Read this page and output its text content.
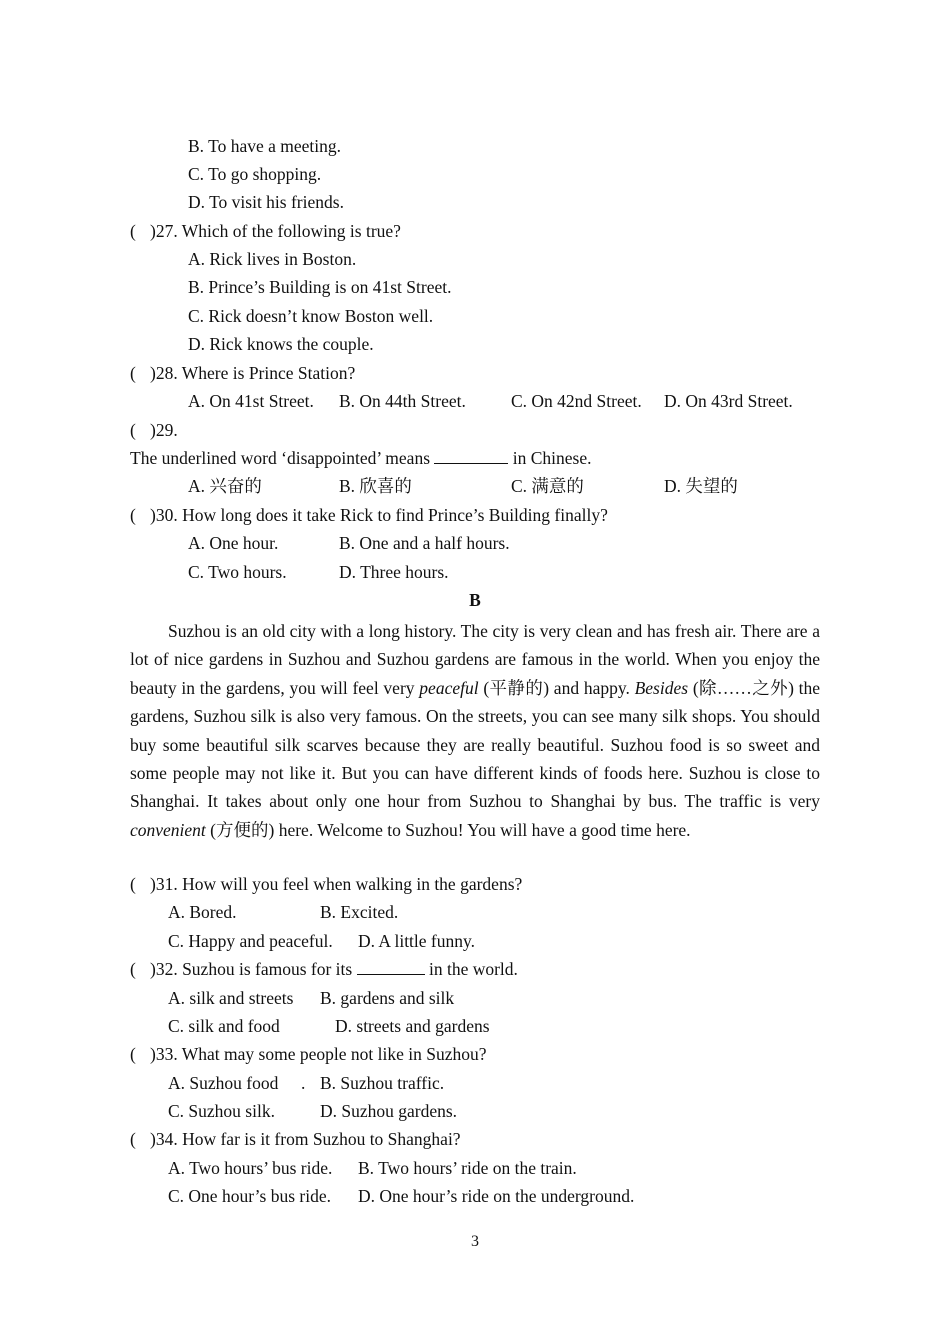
B. To have a meeting.
C. To go shopping.
D. To visit his friends.
( )27. Which of the following is true?
A. Rick lives in Boston.
B. Prince’s Building is on 41st Street.
C. Rick doesn’t know Boston well.
D. Rick knows the couple.
( )28. Where is Prince Station?
A. On 41st Street. B. On 44th Street.	C. On 42nd Street. D. On 43rd Street.
( )29.
The underlined word ‘disappointed’ means	in Chinese.
A. 兴奋的	B. 欣喜的	C. 满意的	D. 失望的
( )30. How long does it take Rick to find Prince’s Building finally?
A. One hour.	B. One and a half hours.
C. Two hours.	D. Three hours.
B
Suzhou is an old city with a long history. The city is very clean and has fresh air. There are a lot of nice gardens in Suzhou and Suzhou gardens are famous in the world. When you enjoy the beauty in the gardens, you will feel very peaceful (平静的) and happy. Besides (除……之外) the gardens, Suzhou silk is also very famous. On the streets, you can see many silk shops. You should buy some beautiful silk scarves because they are really beautiful. Suzhou food is so sweet and some people may not like it. But you can have different kinds of foods here. Suzhou is close to Shanghai. It takes about only one hour from Suzhou to Shanghai by bus. The traffic is very convenient (方便的) here. Welcome to Suzhou! You will have a good time here.
( )31. How will you feel when walking in the gardens?
A. Bored.	B. Excited.
C. Happy and peaceful. D. A little funny.
( )32. Suzhou is famous for its	in the world.
A. silk and streets B. gardens and silk
C. silk and food	D. streets and gardens
( )33. What may some people not like in Suzhou?
A. Suzhou food . B. Suzhou traffic.
C. Suzhou silk.	D. Suzhou gardens.
( )34. How far is it from Suzhou to Shanghai?
A. Two hours’ bus ride. B. Two hours’ ride on the train.
C. One hour’s bus ride. D. One hour’s ride on the underground.
3
